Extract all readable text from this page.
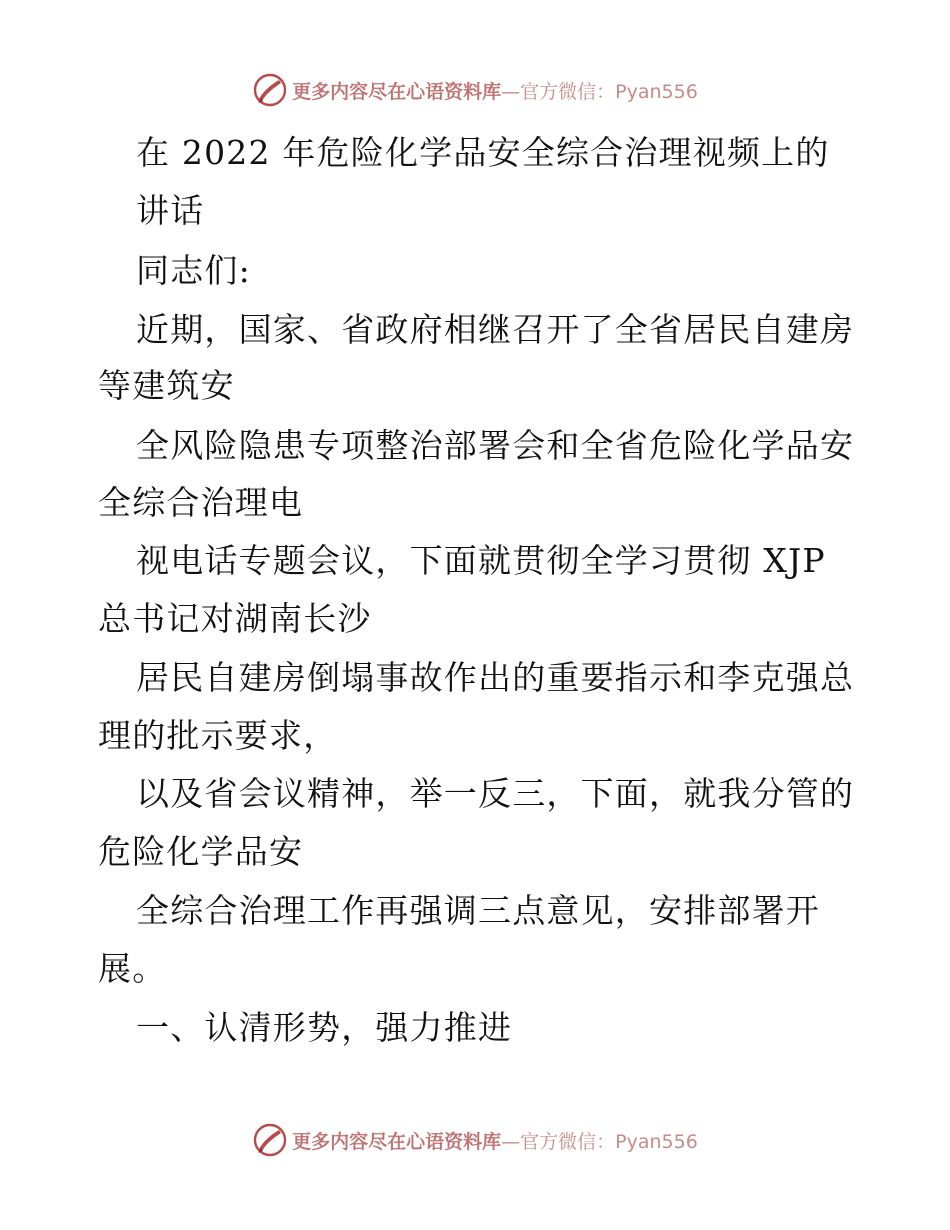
更多内容尽在心语资料库—官方微信：Pyan556
在 2022 年危险化学品安全综合治理视频上的
讲话
同志们:
近期，国家、省政府相继召开了全省居民自建房
等建筑安
全风险隐患专项整治部署会和全省危险化学品安
全综合治理电
视电话专题会议，下面就贯彻全学习贯彻 XJP
总书记对湖南长沙
居民自建房倒塌事故作出的重要指示和李克强总
理的批示要求，
以及省会议精神，举一反三，下面，就我分管的
危险化学品安
全综合治理工作再强调三点意见，安排部署开
展。
一、认清形势，强力推进
更多内容尽在心语资料库—官方微信：Pyan556
